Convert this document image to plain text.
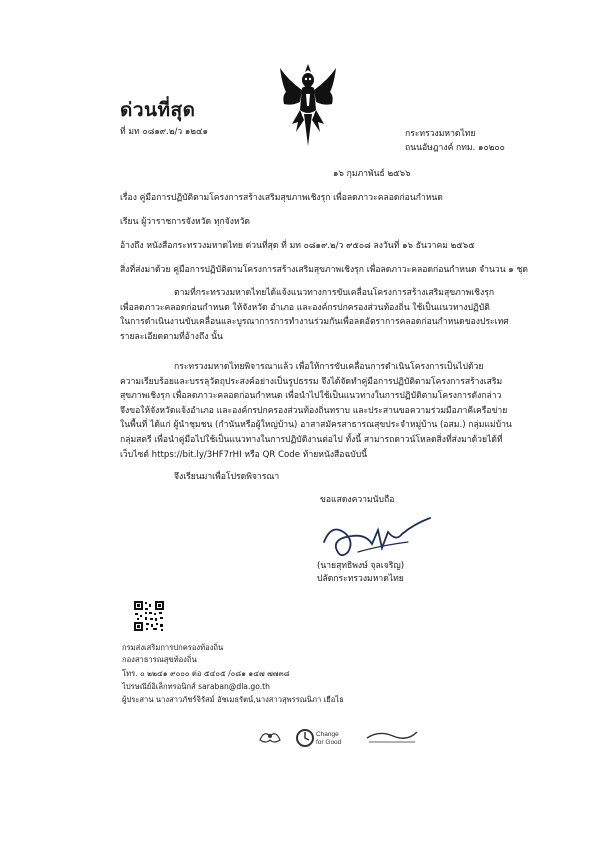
ด่วนที่สุด
ที่ มท ๐๘๑๙.๒/ว ๑๒๔๑	กระทรวงมหาดไทย
ถนนอัษฎางค์ กทม. ๑๐๒๐๐
๑๖ กุมภาพันธ์ ๒๕๖๖
เรื่อง คู่มือการปฏิบัติตามโครงการสร้างเสริมสุขภาพเชิงรุก เพื่อลดภาวะคลอดก่อนกำหนด
เรียน ผู้ว่าราชการจังหวัด ทุกจังหวัด
อ้างถึง หนังสือกระทรวงมหาดไทย ด่วนที่สุด ที่ มท ๐๘๑๙.๒/ว ๙๕๐๘ ลงวันที่ ๑๖ ธันวาคม ๒๕๖๕
สิ่งที่ส่งมาด้วย คู่มือการปฏิบัติตามโครงการสร้างเสริมสุขภาพเชิงรุก เพื่อลดภาวะคลอดก่อนกำหนด จำนวน ๑ ชุด
ตามที่กระทรวงมหาดไทยได้แจ้งแนวทางการขับเคลื่อนโครงการสร้างเสริมสุขภาพเชิงรุก
เพื่อลดภาวะคลอดก่อนกำหนด ให้จังหวัด อำเภอ และองค์กรปกครองส่วนท้องถิ่น ใช้เป็นแนวทางปฏิบัติ
ในการดำเนินงานขับเคลื่อนและบูรณาการการทำงานร่วมกันเพื่อลดอัตราการคลอดก่อนกำหนดของประเทศ
รายละเอียดตามที่อ้างถึง นั้น
กระทรวงมหาดไทยพิจารณาแล้ว เพื่อให้การขับเคลื่อนการดำเนินโครงการเป็นไปด้วย
ความเรียบร้อยและบรรลุวัตถุประสงค์อย่างเป็นรูปธรรม จึงได้จัดทำคู่มือการปฏิบัติตามโครงการสร้างเสริม
สุขภาพเชิงรุก เพื่อลดภาวะคลอดก่อนกำหนด เพื่อนำไปใช้เป็นแนวทางในการปฏิบัติตามโครงการดังกล่าว
จึงขอให้จังหวัดแจ้งอำเภอ และองค์กรปกครองส่วนท้องถิ่นทราบ และประสานขอความร่วมมือภาคีเครือข่าย
ในพื้นที่ ได้แก่ ผู้นำชุมชน (กำนันหรือผู้ใหญ่บ้าน) อาสาสมัครสาธารณสุขประจำหมู่บ้าน (อสม.) กลุ่มแม่บ้าน
กลุ่มสตรี เพื่อนำคู่มือไปใช้เป็นแนวทางในการปฏิบัติงานต่อไป ทั้งนี้ สามารถดาวน์โหลดสิ่งที่ส่งมาด้วยได้ที่
เว็บไซต์ https://bit.ly/3HF7rHI หรือ QR Code ท้ายหนังสือฉบับนี้
จึงเรียนมาเพื่อโปรดพิจารณา
ขอแสดงความนับถือ
(นายสุทธิพงษ์ จุลเจริญ)
ปลัดกระทรวงมหาดไทย
กรมส่งเสริมการปกครองท้องถิ่น
กองสาธารณสุขท้องถิ่น
โทร. ๐ ๒๒๔๑ ๙๐๐๐ ต่อ ๕๔๐๕ /๐๘๑ ๑๔๗ ๗๗๓๘
ไปรษณีย์อิเล็กทรอนิกส์ saraban@dla.go.th
ผู้ประสาน นางสาวภัชร์จิรัสม์ อัชเมธรัตน์,นางสาวสุพรรณนิภา เยือไธ
Change
for Good
